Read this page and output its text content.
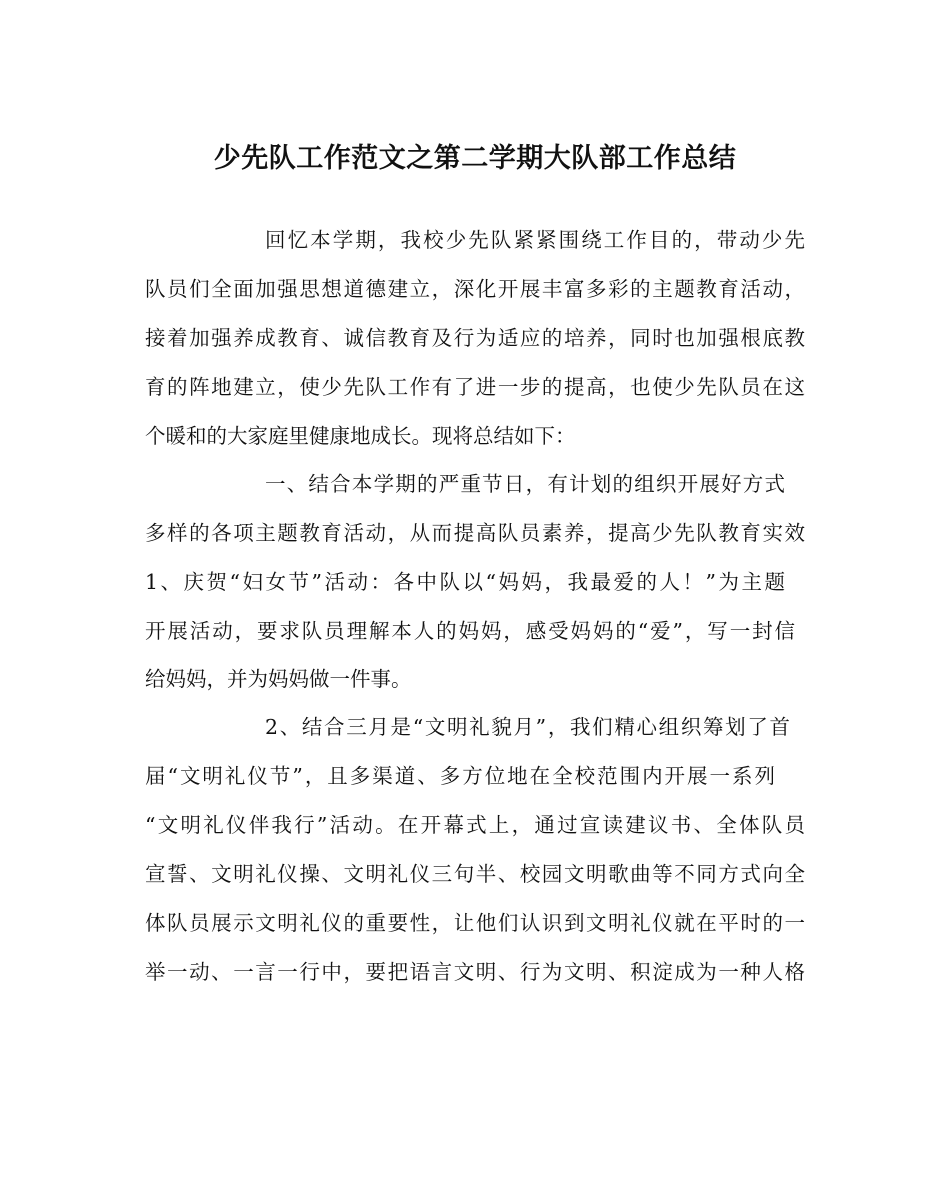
少先队工作范文之第二学期大队部工作总结
回忆本学期，我校少先队紧紧围绕工作目的，带动少先
队员们全面加强思想道德建立，深化开展丰富多彩的主题教育活动，
接着加强养成教育、诚信教育及行为适应的培养，同时也加强根底教
育的阵地建立，使少先队工作有了进一步的提高，也使少先队员在这
个暖和的大家庭里健康地成长。现将总结如下：
一、结合本学期的严重节日，有计划的组织开展好方式
多样的各项主题教育活动，从而提高队员素养，提高少先队教育实效
1、庆贺“妇女节”活动：各中队以“妈妈，我最爱的人！”为主题
开展活动，要求队员理解本人的妈妈，感受妈妈的“爱”，写一封信
给妈妈，并为妈妈做一件事。
2、结合三月是“文明礼貌月”，我们精心组织筹划了首
届“文明礼仪节”，且多渠道、多方位地在全校范围内开展一系列
“文明礼仪伴我行”活动。在开幕式上，通过宣读建议书、全体队员
宣誓、文明礼仪操、文明礼仪三句半、校园文明歌曲等不同方式向全
体队员展示文明礼仪的重要性，让他们认识到文明礼仪就在平时的一
举一动、一言一行中，要把语言文明、行为文明、积淀成为一种人格
